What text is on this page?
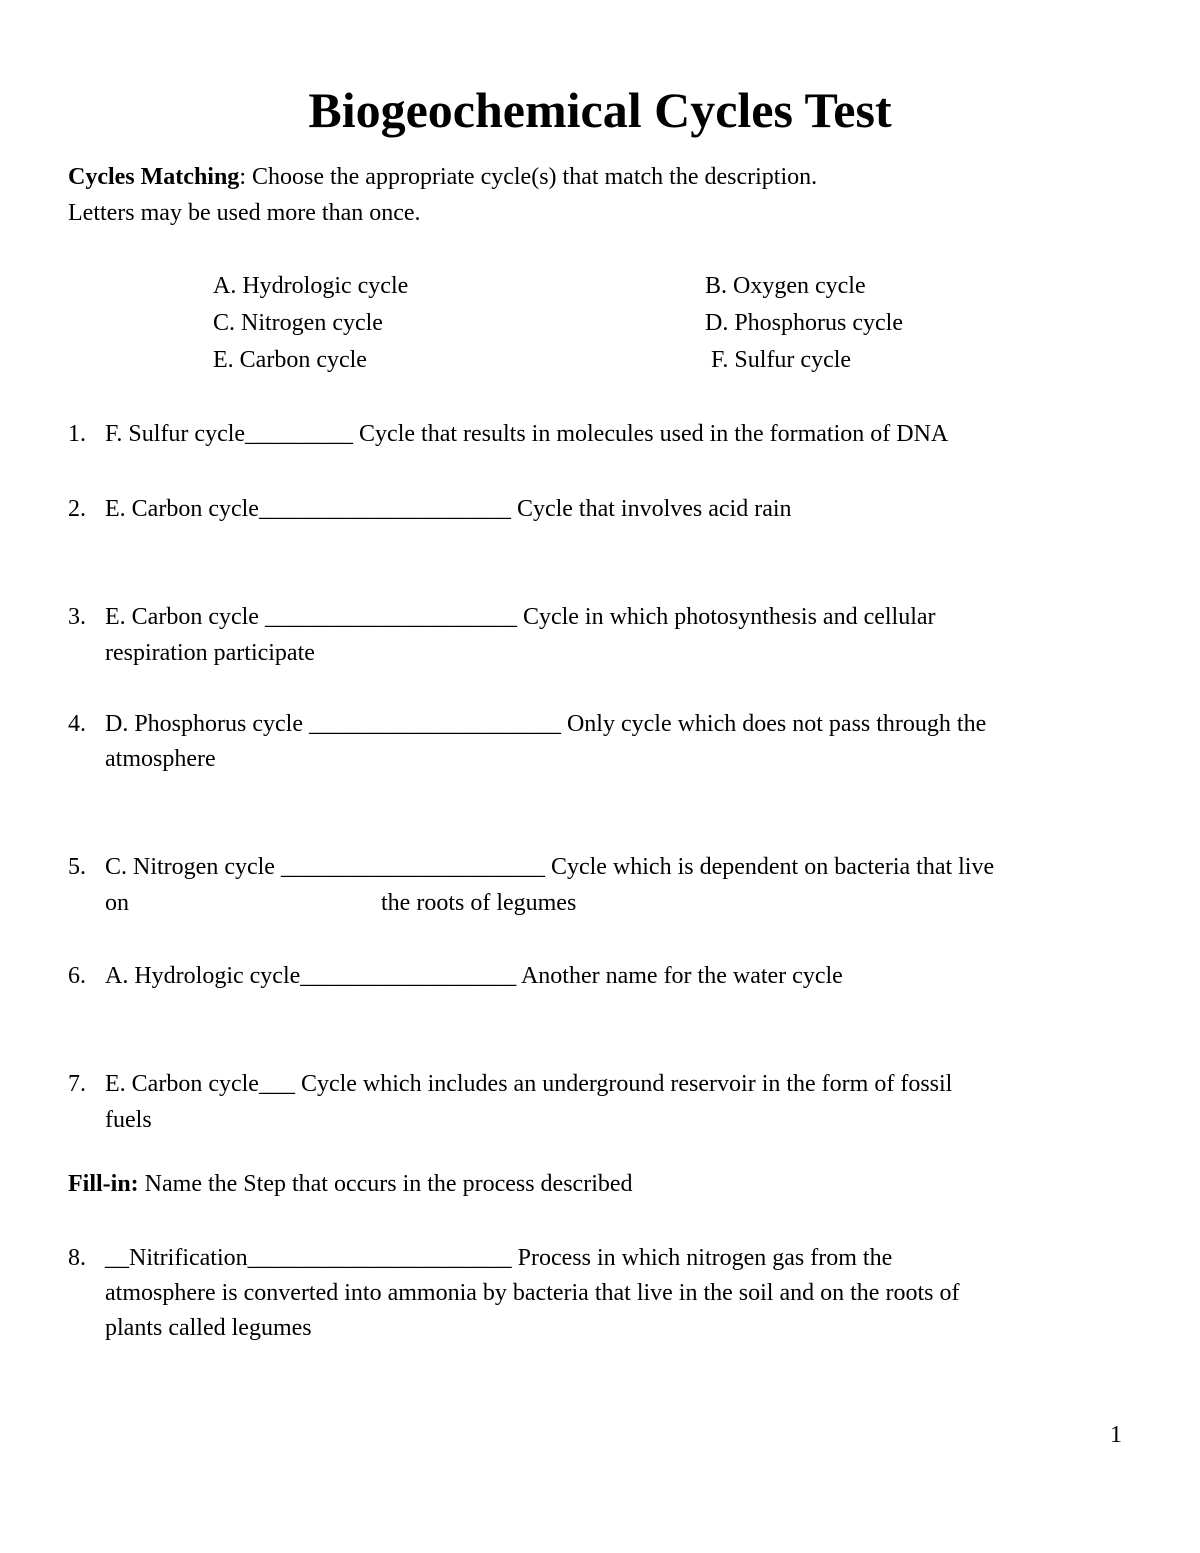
Biogeochemical Cycles Test
Cycles Matching: Choose the appropriate cycle(s) that match the description.
Letters may be used more than once.
A. Hydrologic cycle	B. Oxygen cycle
C. Nitrogen cycle	D. Phosphorus cycle
E. Carbon cycle	F. Sulfur cycle
1. F. Sulfur cycle_________ Cycle that results in molecules used in the formation of DNA
2. E. Carbon cycle_____________________ Cycle that involves acid rain
3. E. Carbon cycle _____________________ Cycle in which photosynthesis and cellular
respiration participate
4. D. Phosphorus cycle _____________________ Only cycle which does not pass through the
atmosphere
5. C. Nitrogen cycle ______________________ Cycle which is dependent on bacteria that live
on                                          the roots of legumes
6. A. Hydrologic cycle__________________ Another name for the water cycle
7. E. Carbon cycle___ Cycle which includes an underground reservoir in the form of fossil
fuels
Fill-in: Name the Step that occurs in the process described
8. __Nitrification______________________ Process in which nitrogen gas from the
atmosphere is converted into ammonia by bacteria that live in the soil and on the roots of
plants called legumes
1
